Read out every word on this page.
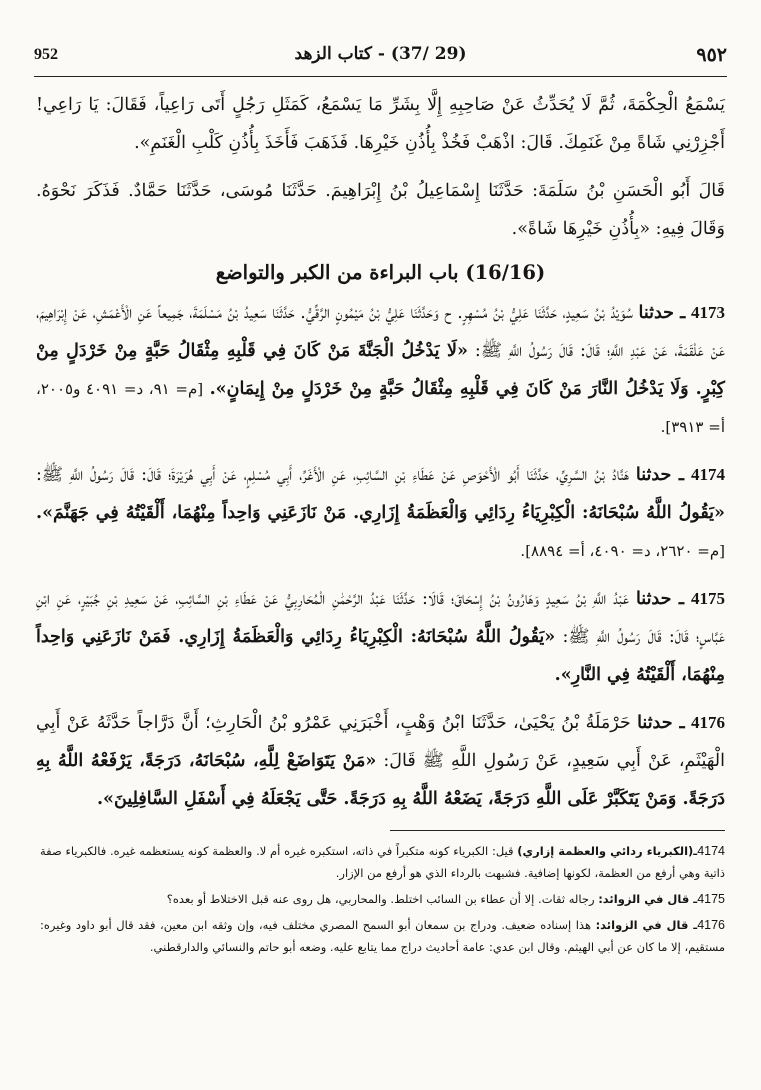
952	(29 /37) - كتاب الزهد	٩٥٢

يَسْمَعُ الْحِكْمَةَ، ثُمَّ لَا يُحَدِّثُ عَنْ صَاحِبِهِ إِلَّا بِشَرِّ مَا يَسْمَعُ، كَمَثَلِ رَجُلٍ أَتَى رَاعِياً، فَقَالَ: يَا رَاعِي! أَجْزِرْنِي شَاةً مِنْ غَنَمِكَ. قَالَ: اذْهَبْ فَخُذْ بِأُذُنِ خَيْرِهَا. فَذَهَبَ فَأَخَذَ بِأُذُنِ كَلْبِ الْغَنَمِ».

قَالَ أَبُو الْحَسَنِ بْنُ سَلَمَةَ: حَدَّثَنَا إِسْمَاعِيلُ بْنُ إِبْرَاهِيمَ. حَدَّثَنَا مُوسَى، حَدَّثَنَا حَمَّادٌ. فَذَكَرَ نَحْوَهُ. وَقَالَ فِيهِ: «بِأُذُنِ خَيْرِهَا شَاةً».

(16/16) باب البراءة من الكبر والتواضع

4173 ـ حدثنا سُوَيْدُ بْنُ سَعِيدٍ، حَدَّثَنَا عَلِيُّ بْنُ مُسْهِرٍ. ح وَحَدَّثَنَا عَلِيُّ بْنُ مَيْمُونٍ الرَّقِّيُّ. حَدَّثَنَا سَعِيدُ بْنُ مَسْلَمَةَ، جَمِيعاً عَنِ الْأَعْمَشِ، عَنْ إِبْرَاهِيمَ، عَنْ عَلْقَمَةَ، عَنْ عَبْدِ اللَّهِ؛ قَالَ: قَالَ رَسُولُ اللَّهِ ﷺ: «لَا يَدْخُلُ الْجَنَّةَ مَنْ كَانَ فِي قَلْبِهِ مِثْقَالُ حَبَّةٍ مِنْ خَرْدَلٍ مِنْ كِبْرٍ. وَلَا يَدْخُلُ النَّارَ مَنْ كَانَ فِي قَلْبِهِ مِثْقَالُ حَبَّةٍ مِنْ خَرْدَلٍ مِنْ إِيمَانٍ». [م= ٩١، د= ٤٠٩١ و٢٠٠٥، أ= ٣٩١٣].

4174 ـ حدثنا هَنَّادُ بْنُ السَّرِيِّ، حَدَّثَنَا أَبُو الْأَحْوَصِ عَنْ عَطَاءِ بْنِ السَّائِبِ، عَنِ الْأَغَرِّ، أَبِي مُسْلِمٍ، عَنْ أَبِي هُرَيْرَةَ؛ قَالَ: قَالَ رَسُولُ اللَّهِ ﷺ: «يَقُولُ اللَّهُ سُبْحَانَهُ: الْكِبْرِيَاءُ رِدَائِي وَالْعَظَمَةُ إِزَارِي. مَنْ نَازَعَنِي وَاحِداً مِنْهُمَا، أَلْقَيْتُهُ فِي جَهَنَّمَ». [م= ٢٦٢٠، د= ٤٠٩٠، أ= ٨٨٩٤].

4175 ـ حدثنا عَبْدُ اللَّهِ بْنُ سَعِيدٍ وَهَارُونُ بْنُ إِسْحَاقَ؛ قَالَا: حَدَّثَنَا عَبْدُ الرَّحْمَٰنِ الْمُحَارِبِيُّ عَنْ عَطَاءِ بْنِ السَّائِبِ، عَنْ سَعِيدِ بْنِ جُبَيْرٍ، عَنِ ابْنِ عَبَّاسٍ؛ قَالَ: قَالَ رَسُولُ اللَّهِ ﷺ: «يَقُولُ اللَّهُ سُبْحَانَهُ: الْكِبْرِيَاءُ رِدَائِي وَالْعَظَمَةُ إِزَارِي. فَمَنْ نَازَعَنِي وَاحِداً مِنْهُمَا، أَلْقَيْتُهُ فِي النَّارِ».

4176 ـ حدثنا حَرْمَلَةُ بْنُ يَحْيَىٰ، حَدَّثَنَا ابْنُ وَهْبٍ، أَخْبَرَنِي عَمْرُو بْنُ الْحَارِثِ؛ أَنَّ دَرَّاجاً حَدَّثَهُ عَنْ أَبِي الْهَيْثَمِ، عَنْ أَبِي سَعِيدٍ، عَنْ رَسُولِ اللَّهِ ﷺ قَالَ: «مَنْ يَتَوَاضَعْ لِلَّهِ، سُبْحَانَهُ، دَرَجَةً، يَرْفَعْهُ اللَّهُ بِهِ دَرَجَةً. وَمَنْ يَتَكَبَّرْ عَلَى اللَّهِ دَرَجَةً، يَضَعْهُ اللَّهُ بِهِ دَرَجَةً. حَتَّى يَجْعَلَهُ فِي أَسْفَلِ السَّافِلِينَ».

4174ـ(الكبرياء ردائي والعظمة إزاري) قيل: الكبرياء كونه متكبراً في ذاته، استكبره غيره أم لا. والعظمة كونه يستعظمه غيره. فالكبرياء صفة ذاتية وهي أرفع من العظمة، لكونها إضافية. فشبهت بالرداء الذي هو أرفع من الإزار.

4175ـ قال في الزوائد: رجاله ثقات. إلا أن عطاء بن السائب اختلط. والمحاربي، هل روى عنه قبل الاختلاط أو بعده؟

4176ـ قال في الزوائد: هذا إسناده ضعيف. ودراج بن سمعان أبو السمح المصري مختلف فيه، وإن وثقه ابن معين، فقد قال أبو داود وغيره: مستقيم، إلا ما كان عن أبي الهيثم. وقال ابن عدي: عامة أحاديث دراج مما يتابع عليه. وضعه أبو حاتم والنسائي والدارقطني.
